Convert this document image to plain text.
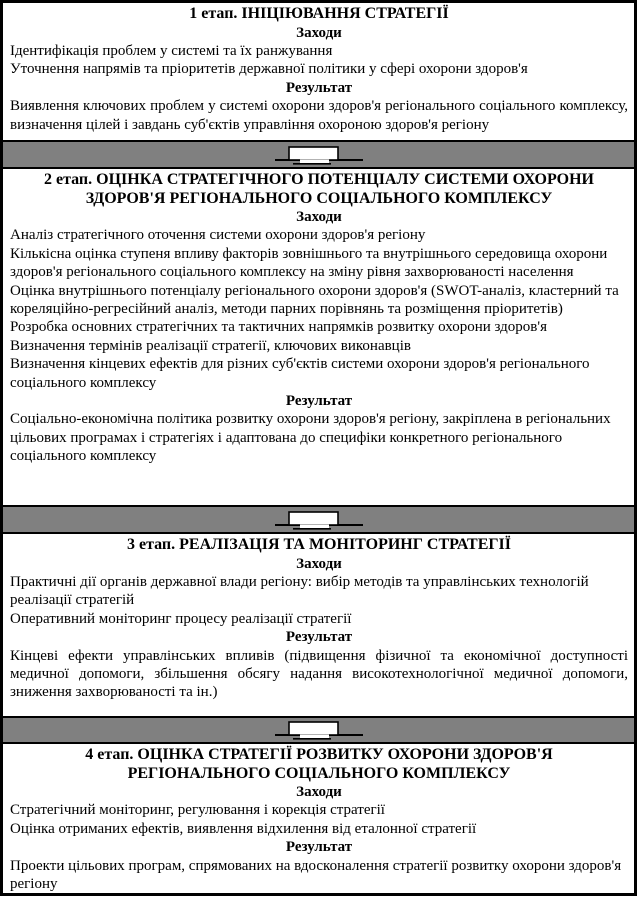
1 етап. ІНІЦІЮВАННЯ СТРАТЕГІЇ
Заходи
Ідентифікація проблем у системі та їх ранжування
Уточнення напрямів та пріоритетів державної політики у сфері охорони здоров'я
Результат
Виявлення ключових проблем у системі охорони здоров'я регіонального соціального комплексу, визначення цілей і завдань суб'єктів управління охороною здоров'я регіону
2 етап. ОЦІНКА СТРАТЕГІЧНОГО ПОТЕНЦІАЛУ СИСТЕМИ ОХОРОНИ ЗДОРОВ'Я РЕГІОНАЛЬНОГО СОЦІАЛЬНОГО КОМПЛЕКСУ
Заходи
Аналіз стратегічного оточення системи охорони здоров'я регіону
Кількісна оцінка ступеня впливу факторів зовнішнього та внутрішнього середовища охорони здоров'я регіонального соціального комплексу на зміну рівня захворюваності населення
Оцінка внутрішнього потенціалу регіонального охорони здоров'я (SWOT-аналіз, кластерний та кореляційно-регресійний аналіз, методи парних порівнянь та розміщення пріоритетів)
Розробка основних стратегічних та тактичних напрямків розвитку охорони здоров'я
Визначення термінів реалізації стратегії, ключових виконавців
Визначення кінцевих ефектів для різних суб'єктів системи охорони здоров'я регіонального соціального комплексу
Результат
Соціально-економічна політика розвитку охорони здоров'я регіону, закріплена в регіональних цільових програмах і стратегіях і адаптована до специфіки конкретного регіонального соціального комплексу
3 етап. РЕАЛІЗАЦІЯ ТА МОНІТОРИНГ СТРАТЕГІЇ
Заходи
Практичні дії органів державної влади регіону: вибір методів та управлінських технологій реалізації стратегій
Оперативний моніторинг процесу реалізації стратегії
Результат
Кінцеві ефекти управлінських впливів (підвищення фізичної та економічної доступності медичної допомоги, збільшення обсягу надання високотехнологічної медичної допомоги, зниження захворюваності та ін.)
4 етап. ОЦІНКА СТРАТЕГІЇ РОЗВИТКУ ОХОРОНИ ЗДОРОВ'Я РЕГІОНАЛЬНОГО СОЦІАЛЬНОГО КОМПЛЕКСУ
Заходи
Стратегічний моніторинг, регулювання і корекція стратегії
Оцінка отриманих ефектів, виявлення відхилення від еталонної стратегії
Результат
Проекти цільових програм, спрямованих на вдосконалення стратегії розвитку охорони здоров'я регіону
